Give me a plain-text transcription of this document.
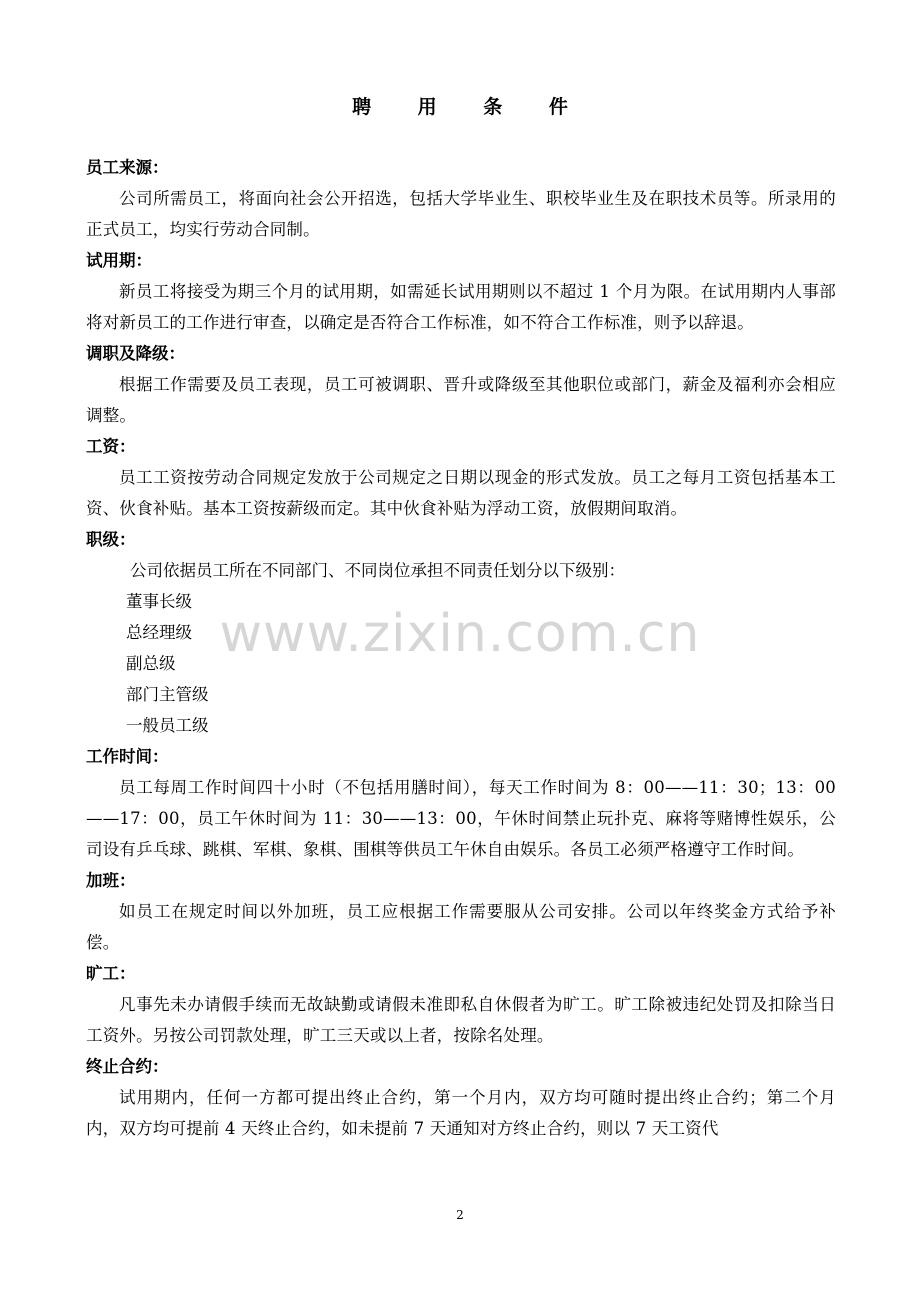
聘 用 条 件
员工来源：
公司所需员工，将面向社会公开招选，包括大学毕业生、职校毕业生及在职技术员等。所录用的正式员工，均实行劳动合同制。
试用期：
新员工将接受为期三个月的试用期，如需延长试用期则以不超过 1 个月为限。在试用期内人事部将对新员工的工作进行审查，以确定是否符合工作标准，如不符合工作标准，则予以辞退。
调职及降级：
根据工作需要及员工表现，员工可被调职、晋升或降级至其他职位或部门，薪金及福利亦会相应调整。
工资：
员工工资按劳动合同规定发放于公司规定之日期以现金的形式发放。员工之每月工资包括基本工资、伙食补贴。基本工资按薪级而定。其中伙食补贴为浮动工资，放假期间取消。
职级：
公司依据员工所在不同部门、不同岗位承担不同责任划分以下级别：
董事长级
总经理级
副总级
部门主管级
一般员工级
工作时间：
员工每周工作时间四十小时（不包括用膳时间），每天工作时间为 8：00——11：30；13：00——17：00，员工午休时间为 11：30——13：00，午休时间禁止玩扑克、麻将等赌博性娱乐，公司设有乒乓球、跳棋、军棋、象棋、围棋等供员工午休自由娱乐。各员工必须严格遵守工作时间。
加班：
如员工在规定时间以外加班，员工应根据工作需要服从公司安排。公司以年终奖金方式给予补偿。
旷工：
凡事先未办请假手续而无故缺勤或请假未准即私自休假者为旷工。旷工除被违纪处罚及扣除当日工资外。另按公司罚款处理，旷工三天或以上者，按除名处理。
终止合约：
试用期内，任何一方都可提出终止合约，第一个月内，双方均可随时提出终止合约；第二个月内，双方均可提前 4 天终止合约，如未提前 7 天通知对方终止合约，则以 7 天工资代
www.zixin.com.cn
2
